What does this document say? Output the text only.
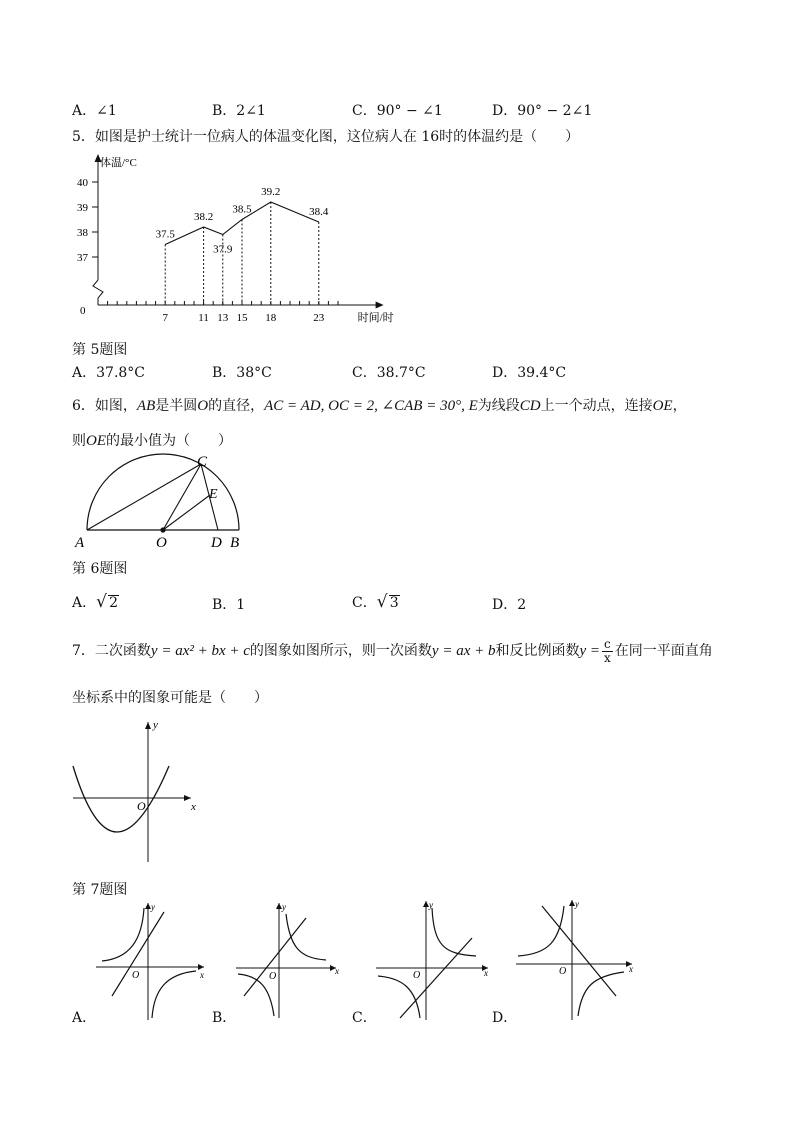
A．∠1	B．2∠1	C．90° − ∠1	D．90° − 2∠1
5．如图是护士统计一位病人的体温变化图，这位病人在 16时的体温约是（　　）
37
38
39
40
0
体温/°C
时间/时
7	11 13 15 18	23
37.5
38.2
37.9
38.5
39.2
38.4
第 5题图
A．37.8°C	B．38°C	C．38.7°C	D．39.4°C
6．如图，AB是半圆O的直径，AC = AD, OC = 2, ∠CAB = 30°, E为线段CD上一个动点，连接OE，
则OE的最小值为（　　）
A	O	D B
C
E
第 6题图
A． √ 2	B．1	C． √ 3	D．2
7．二次函数y = ax² + bx + c的图象如图所示，则一次函数y = ax + b和反比例函数$y = \frac{c}{x}$ 在同一平面直角
坐标系中的图象可能是（　　）
y
x
O
第 7题图
y
x
O
A．
y
x
O
B．
y
x
O
C．
y
x
O
D．
